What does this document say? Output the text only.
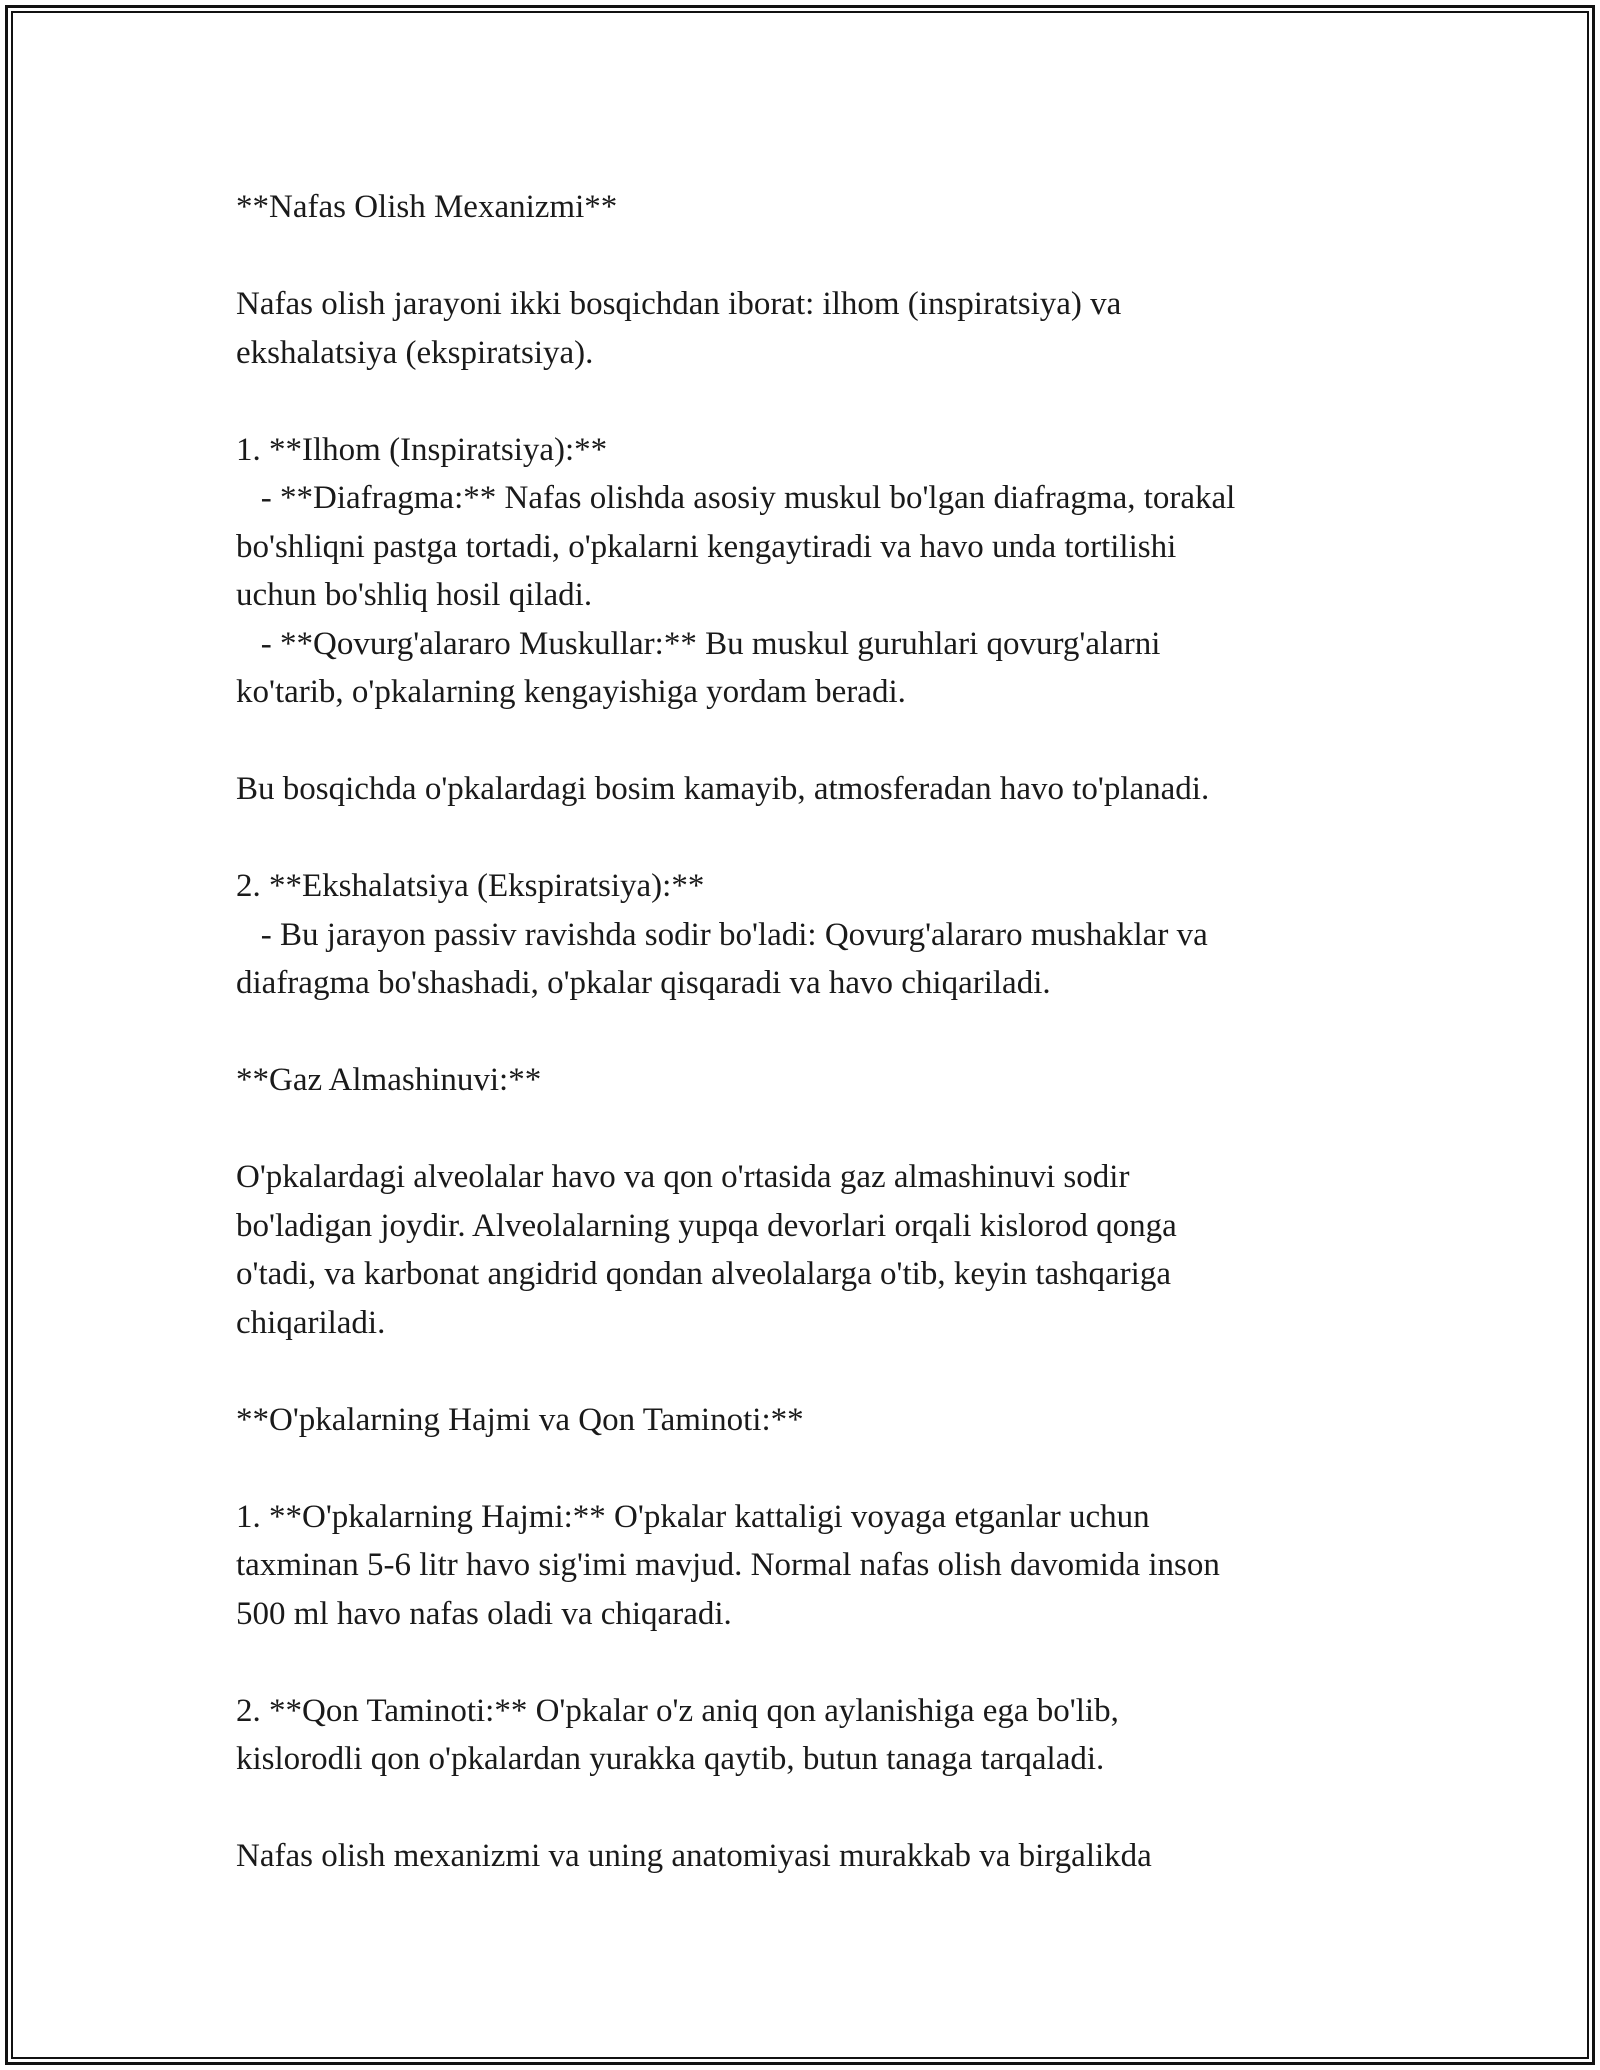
**Nafas Olish Mexanizmi**
Nafas olish jarayoni ikki bosqichdan iborat: ilhom (inspiratsiya) va
ekshalatsiya (ekspiratsiya).
1. **Ilhom (Inspiratsiya):**
- **Diafragma:** Nafas olishda asosiy muskul bo'lgan diafragma, torakal
bo'shliqni pastga tortadi, o'pkalarni kengaytiradi va havo unda tortilishi
uchun bo'shliq hosil qiladi.
- **Qovurg'alararo Muskullar:** Bu muskul guruhlari qovurg'alarni
ko'tarib, o'pkalarning kengayishiga yordam beradi.
Bu bosqichda o'pkalardagi bosim kamayib, atmosferadan havo to'planadi.
2. **Ekshalatsiya (Ekspiratsiya):**
- Bu jarayon passiv ravishda sodir bo'ladi: Qovurg'alararo mushaklar va
diafragma bo'shashadi, o'pkalar qisqaradi va havo chiqariladi.
**Gaz Almashinuvi:**
O'pkalardagi alveolalar havo va qon o'rtasida gaz almashinuvi sodir
bo'ladigan joydir. Alveolalarning yupqa devorlari orqali kislorod qonga
o'tadi, va karbonat angidrid qondan alveolalarga o'tib, keyin tashqariga
chiqariladi.
**O'pkalarning Hajmi va Qon Taminoti:**
1. **O'pkalarning Hajmi:** O'pkalar kattaligi voyaga etganlar uchun
taxminan 5-6 litr havo sig'imi mavjud. Normal nafas olish davomida inson
500 ml havo nafas oladi va chiqaradi.
2. **Qon Taminoti:** O'pkalar o'z aniq qon aylanishiga ega bo'lib,
kislorodli qon o'pkalardan yurakka qaytib, butun tanaga tarqaladi.
Nafas olish mexanizmi va uning anatomiyasi murakkab va birgalikda
